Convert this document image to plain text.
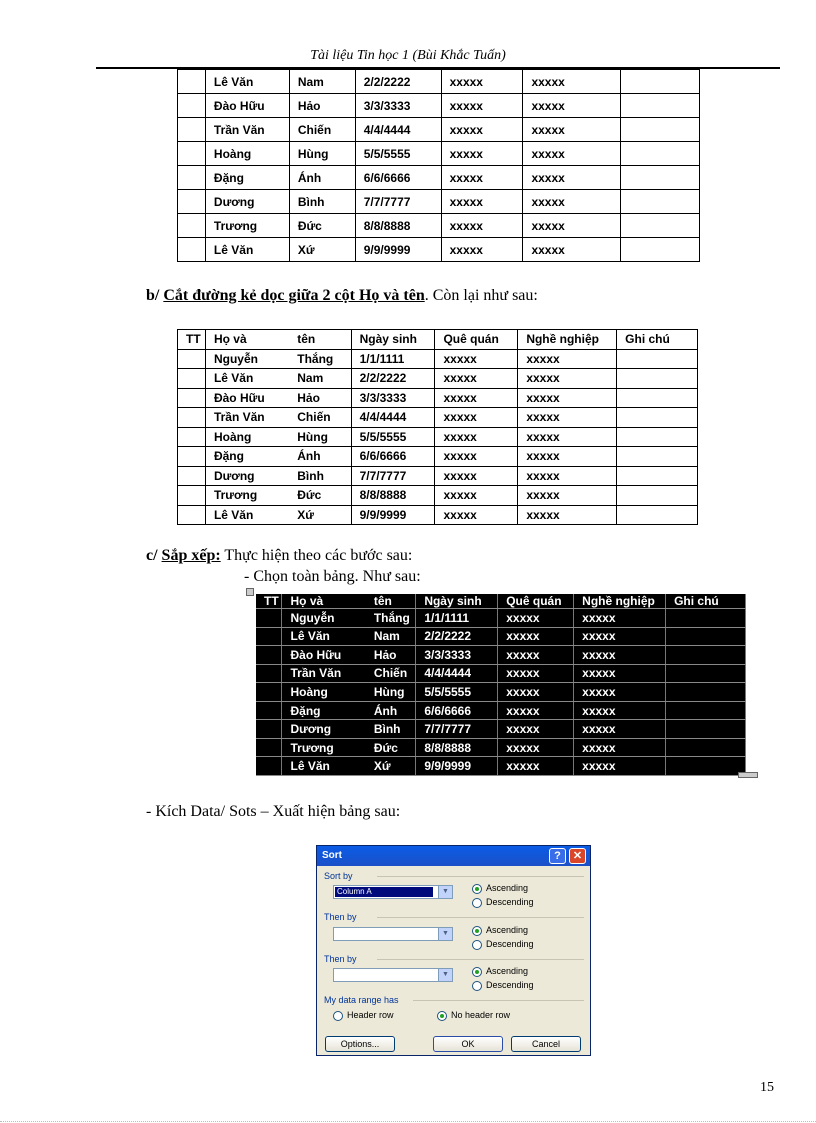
Tài liệu Tin học 1 (Bùi Khắc Tuấn)
	Lê Văn	Nam	2/2/2222	xxxxx	xxxxx	
	Đào Hữu	Hảo	3/3/3333	xxxxx	xxxxx	
	Trần Văn	Chiến	4/4/4444	xxxxx	xxxxx	
	Hoàng	Hùng	5/5/5555	xxxxx	xxxxx	
	Đặng	Ánh	6/6/6666	xxxxx	xxxxx	
	Dương	Bình	7/7/7777	xxxxx	xxxxx	
	Trương	Đức	8/8/8888	xxxxx	xxxxx	
	Lê Văn	Xứ	9/9/9999	xxxxx	xxxxx	
b/ Cắt đường kẻ dọc giữa 2 cột Họ và tên. Còn lại như sau:
TT	Họ và	tên	Ngày sinh	Quê quán	Nghề nghiệp	Ghi chú
	Nguyễn	Thắng	1/1/1111	xxxxx	xxxxx	
	Lê Văn	Nam	2/2/2222	xxxxx	xxxxx	
	Đào Hữu	Hảo	3/3/3333	xxxxx	xxxxx	
	Trần Văn	Chiến	4/4/4444	xxxxx	xxxxx	
	Hoàng	Hùng	5/5/5555	xxxxx	xxxxx	
	Đặng	Ánh	6/6/6666	xxxxx	xxxxx	
	Dương	Bình	7/7/7777	xxxxx	xxxxx	
	Trương	Đức	8/8/8888	xxxxx	xxxxx	
	Lê Văn	Xứ	9/9/9999	xxxxx	xxxxx	
c/ Sắp xếp: Thực hiện theo các bước sau:
- Chọn toàn bảng. Như sau:
TT	Họ và	tên	Ngày sinh	Quê quán	Nghề nghiệp	Ghi chú
	Nguyễn	Thắng	1/1/1111	xxxxx	xxxxx	
	Lê Văn	Nam	2/2/2222	xxxxx	xxxxx	
	Đào Hữu	Hảo	3/3/3333	xxxxx	xxxxx	
	Trần Văn	Chiến	4/4/4444	xxxxx	xxxxx	
	Hoàng	Hùng	5/5/5555	xxxxx	xxxxx	
	Đặng	Ánh	6/6/6666	xxxxx	xxxxx	
	Dương	Bình	7/7/7777	xxxxx	xxxxx	
	Trương	Đức	8/8/8888	xxxxx	xxxxx	
	Lê Văn	Xứ	9/9/9999	xxxxx	xxxxx	
- Kích Data/ Sots – Xuất hiện bảng sau:
Sort	?	✕
Sort by
Column A	▼	Ascending
Descending
Then by
▼	Ascending
Descending
Then by
▼	Ascending
Descending
My data range has
Header row	No header row
Options...	OK	Cancel
15
